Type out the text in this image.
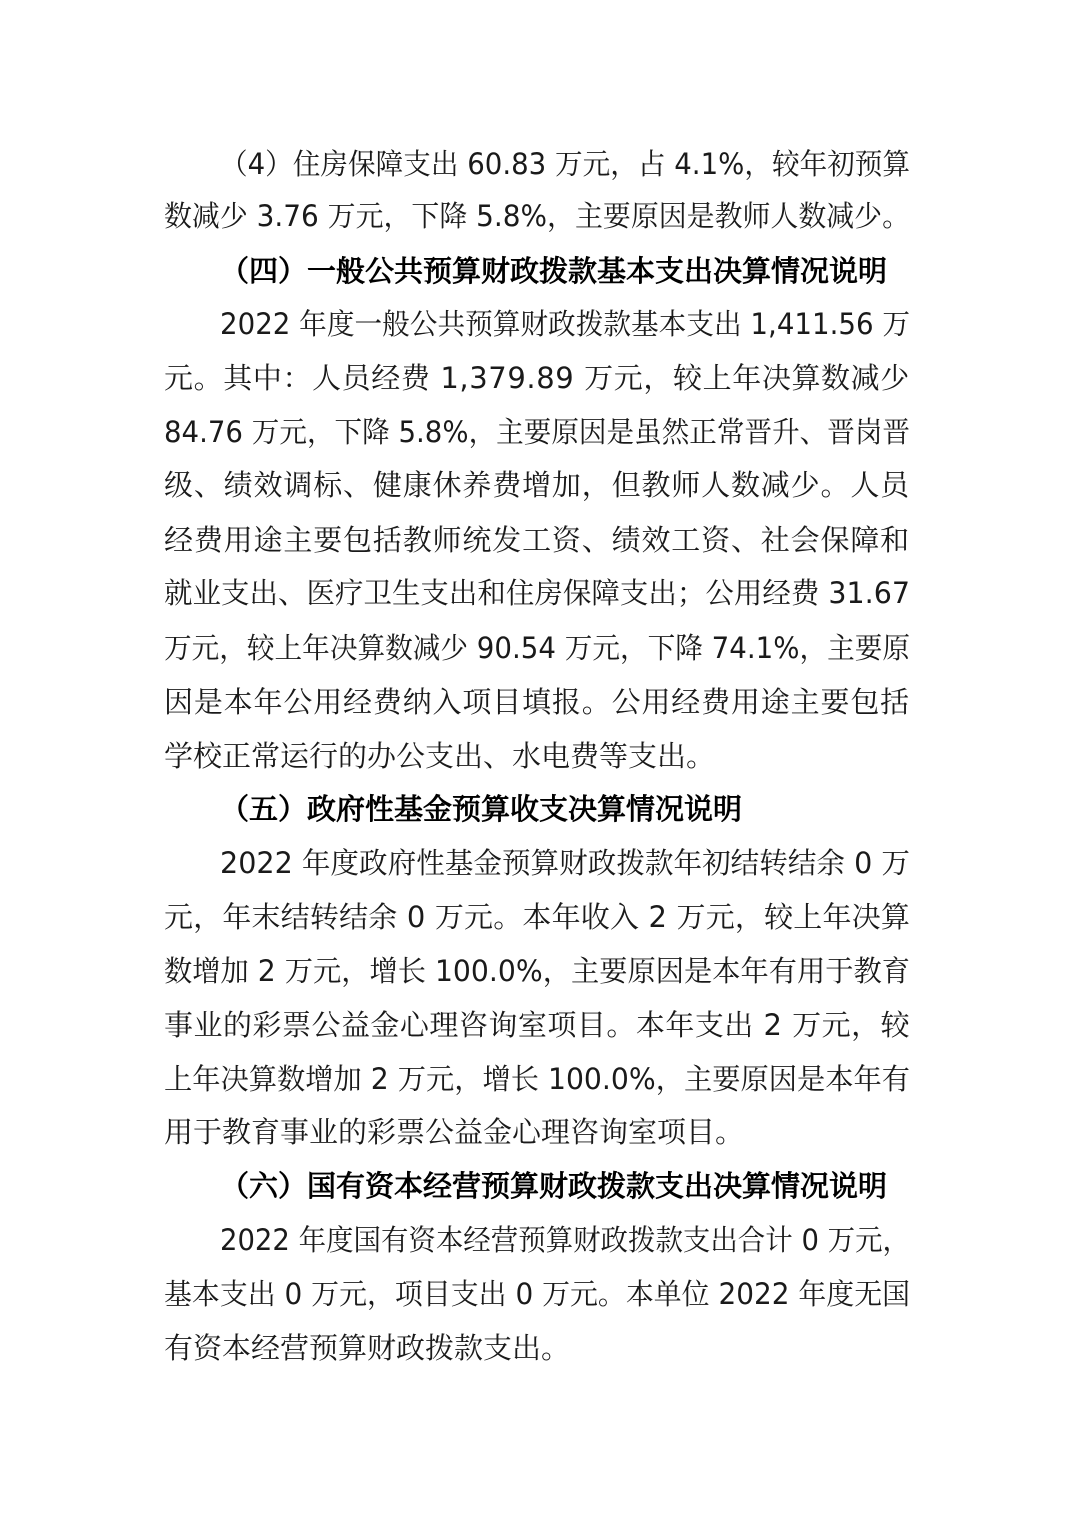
（4）住房保障支出 60.83 万元，占 4.1%，较年初预算
数减少 3.76 万元，下降 5.8%，主要原因是教师人数减少。
（四）一般公共预算财政拨款基本支出决算情况说明
2022 年度一般公共预算财政拨款基本支出 1,411.56 万
元。其中：人员经费 1,379.89 万元，较上年决算数减少
84.76 万元，下降 5.8%，主要原因是虽然正常晋升、晋岗晋
级、绩效调标、健康休养费增加，但教师人数减少。人员
经费用途主要包括教师统发工资、绩效工资、社会保障和
就业支出、医疗卫生支出和住房保障支出；公用经费 31.67
万元，较上年决算数减少 90.54 万元，下降 74.1%，主要原
因是本年公用经费纳入项目填报。公用经费用途主要包括
学校正常运行的办公支出、水电费等支出。
（五）政府性基金预算收支决算情况说明
2022 年度政府性基金预算财政拨款年初结转结余 0 万
元，年末结转结余 0 万元。本年收入 2 万元，较上年决算
数增加 2 万元，增长 100.0%，主要原因是本年有用于教育
事业的彩票公益金心理咨询室项目。本年支出 2 万元，较
上年决算数增加 2 万元，增长 100.0%，主要原因是本年有
用于教育事业的彩票公益金心理咨询室项目。
（六）国有资本经营预算财政拨款支出决算情况说明
2022 年度国有资本经营预算财政拨款支出合计 0 万元，
基本支出 0 万元，项目支出 0 万元。本单位 2022 年度无国
有资本经营预算财政拨款支出。
